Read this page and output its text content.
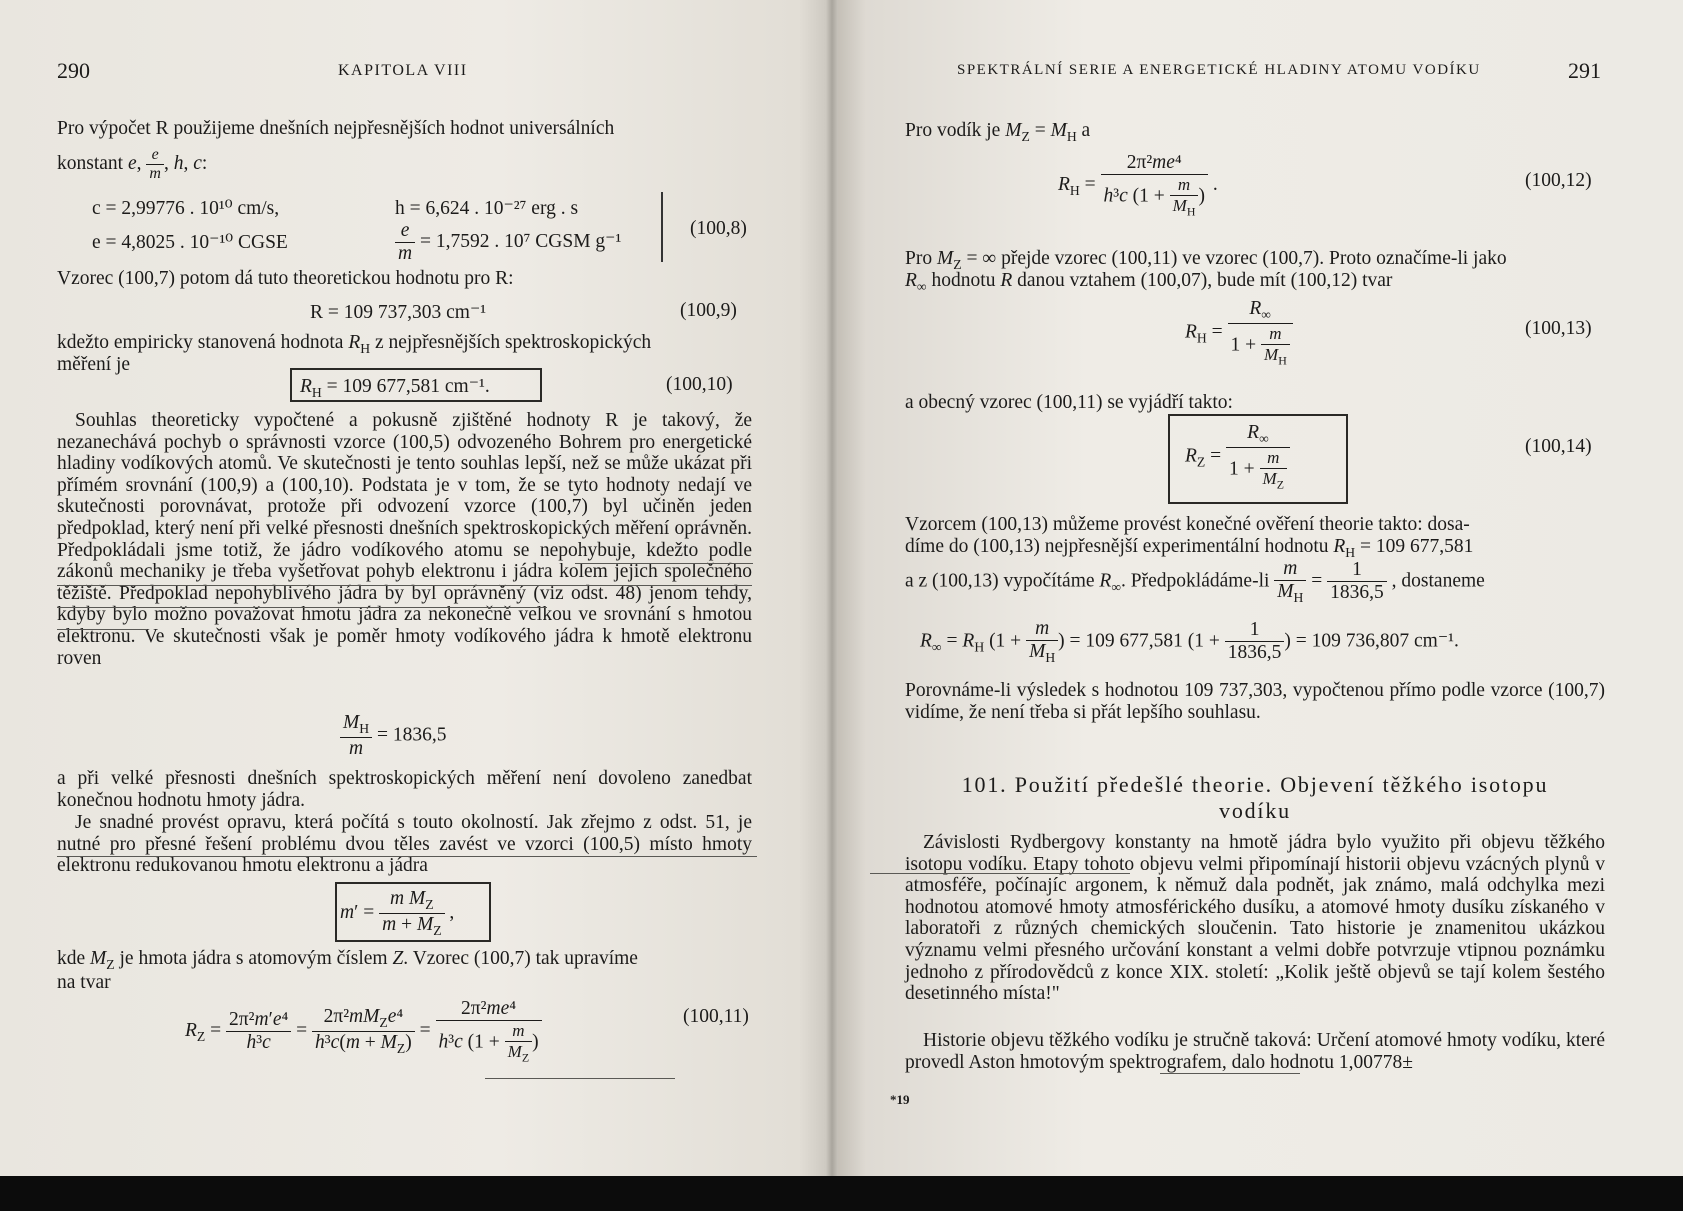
290	KAPITOLA VIII
Pro výpočet R použijeme dnešních nejpřesnějších hodnot universálních
konstant e, $\frac{e}{m}$ , h, c:
c = 2,99776 . 10¹⁰ cm/s,	h = 6,624 . 10⁻²⁷ erg . s
e = 4,8025 . 10⁻¹⁰ CGSE	$\frac{e}{m} = 1,7592$ . 10⁷ CGSM g⁻¹
(100,8)
Vzorec (100,7) potom dá tuto theoretickou hodnotu pro R:
R = 109 737,303 cm⁻¹	(100,9)
kdežto empiricky stanovená hodnota $R_H$ z nejpřesnějších spektroskopických
měření je
$R_H = 109$ 677,581 cm⁻¹.	(100,10)

Souhlas theoreticky vypočtené a pokusně zjištěné hodnoty R je takový, že nezanechává pochyb o správnosti vzorce (100,5) odvozeného Bohrem pro energetické hladiny vodíkových atomů. Ve skutečnosti je tento souhlas lepší, než se může ukázat při přímém srovnání (100,9) a (100,10). Podstata je v tom, že se tyto hodnoty nedají ve skutečnosti porovnávat, protože při odvození vzorce (100,7) byl učiněn jeden předpoklad, který není při velké přesnosti dnešních spektroskopických měření oprávněn. Předpokládali jsme totiž, že jádro vodíkového atomu se nepohybuje, kdežto podle zákonů mechaniky je třeba vyšetřovat pohyb elektronu i jádra kolem jejich společného těžiště. Předpoklad nepohyblivého jádra by byl oprávněný (viz odst. 48) jenom tehdy, kdyby bylo možno považovat hmotu jádra za nekonečně velkou ve srovnání s hmotou elektronu. Ve skutečnosti však je poměr hmoty vodíkového jádra k hmotě elektronu roven

$\frac{M_H}{m} = 1836,5$

a při velké přesnosti dnešních spektroskopických měření není dovoleno zanedbat konečnou hodnotu hmoty jádra.

Je snadné provést opravu, která počítá s touto okolností. Jak zřejmo z odst. 51, je nutné pro přesné řešení problému dvou těles zavést ve vzorci (100,5) místo hmoty elektronu redukovanou hmotu elektronu a jádra

$m' = \frac{m M_Z}{m + M_Z}$ ,
kde $M_Z$ je hmota jádra s atomovým číslem Z. Vzorec (100,7) tak upravíme
na tvar
$R_Z = \frac{\text{2π²m′e⁴}}{\text{h³c}} = \frac{2\pi^2mM_Ze^4}{h^3c(m + M_Z)} = \frac{\text{2π²me⁴}}{h^3c (1 + \frac{m}{M_Z} )}$	(100,11)
SPEKTRÁLNÍ SERIE A ENERGETICKÉ HLADINY ATOMU VODÍKU	291
Pro vodík je $M_Z = M_H$ a
$R_H = \frac{\text{2π²me⁴}}{h^3c (1 + \frac{m}{M_H} )}$ .	(100,12)
Pro $M_Z$ = ∞ přejde vzorec (100,11) ve vzorec (100,7). Proto označíme-li jako
$R_\infty$ hodnotu R danou vztahem (100,07), bude mít (100,12) tvar
$R_H = \frac{R_\infty}{1 + \frac{m}{M_H}}$	(100,13)
a obecný vzorec (100,11) se vyjádří takto:
$R_Z = \frac{R_\infty}{1 + \frac{m}{M_Z}}$	(100,14)
Vzorcem (100,13) můžeme provést konečné ověření theorie takto: dosa-
díme do (100,13) nejpřesnější experimentální hodnotu $R_H = 109$ 677,581
a z (100,13) vypočítáme $R_\infty$. Předpokládáme-li $\frac{m}{M_H} = \frac{1}{1836,5}$ , dostaneme
$R_\infty = R_H$ ($1 + \frac{m}{M_H}$ ) = 109 677,581 ($1 + \frac{1}{1836,5}$ ) = 109 736,807 cm⁻¹.

Porovnáme-li výsledek s hodnotou 109 737,303, vypočtenou přímo podle vzorce (100,7) vidíme, že není třeba si přát lepšího souhlasu.

101. Použití předešlé theorie. Objevení těžkého isotopu
vodíku

Závislosti Rydbergovy konstanty na hmotě jádra bylo využito při objevu těžkého isotopu vodíku. Etapy tohoto objevu velmi připomínají historii objevu vzácných plynů v atmosféře, počínajíc argonem, k němuž dala podnět, jak známo, malá odchylka mezi hodnotou atomové hmoty atmosférického dusíku, a atomové hmoty dusíku získaného v laboratoři z různých chemických sloučenin. Tato historie je znamenitou ukázkou významu velmi přesného určování konstant a velmi dobře potvrzuje vtipnou poznámku jednoho z přírodovědců z konce XIX. století: „Kolik ještě objevů se tají kolem šestého desetinného místa!"

Historie objevu těžkého vodíku je stručně taková: Určení atomové hmoty vodíku, které provedl Aston hmotovým spektrografem, dalo hodnotu 1,00778±

*19
